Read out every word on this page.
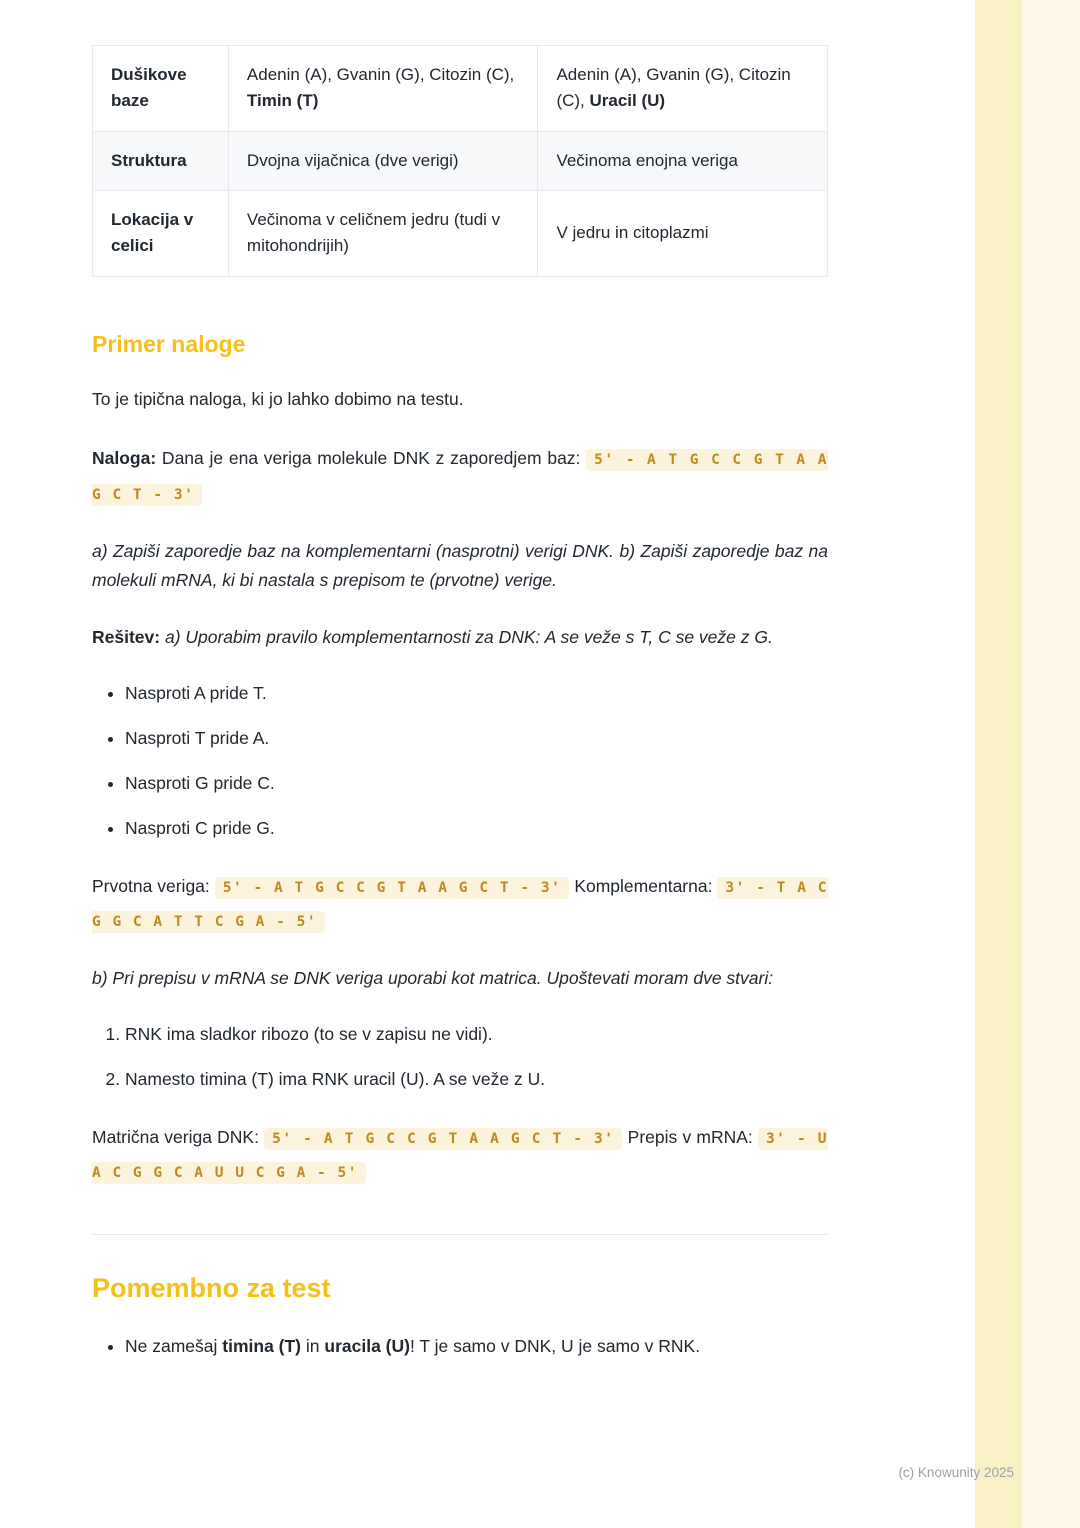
Dušikove baze	Adenin (A), Gvanin (G), Citozin (C), Timin (T)	Adenin (A), Gvanin (G), Citozin (C), Uracil (U)
Struktura	Dvojna vijačnica (dve verigi)	Večinoma enojna veriga
Lokacija v celici	Večinoma v celičnem jedru (tudi v mitohondrijih)	V jedru in citoplazmi
Primer naloge

To je tipična naloga, ki jo lahko dobimo na testu.

Naloga: Dana je ena veriga molekule DNK z zaporedjem baz: 5' - A T G C C G T A A G C T - 3'

a) Zapiši zaporedje baz na komplementarni (nasprotni) verigi DNK. b) Zapiši zaporedje baz na molekuli mRNA, ki bi nastala s prepisom te (prvotne) verige.

Rešitev: a) Uporabim pravilo komplementarnosti za DNK: A se veže s T, C se veže z G.

• Nasproti A pride T.
• Nasproti T pride A.
• Nasproti G pride C.
• Nasproti C pride G.

Prvotna veriga: 5' - A T G C C G T A A G C T - 3' Komplementarna: 3' - T A C G G C A T T C G A - 5'

b) Pri prepisu v mRNA se DNK veriga uporabi kot matrica. Upoštevati moram dve stvari:

1. RNK ima sladkor ribozo (to se v zapisu ne vidi).
2. Namesto timina (T) ima RNK uracil (U). A se veže z U.

Matrična veriga DNK: 5' - A T G C C G T A A G C T - 3' Prepis v mRNA: 3' - U A C G G C A U U C G A - 5'

Pomembno za test
• Ne zamešaj timina (T) in uracila (U)! T je samo v DNK, U je samo v RNK.
(c) Knowunity 2025
